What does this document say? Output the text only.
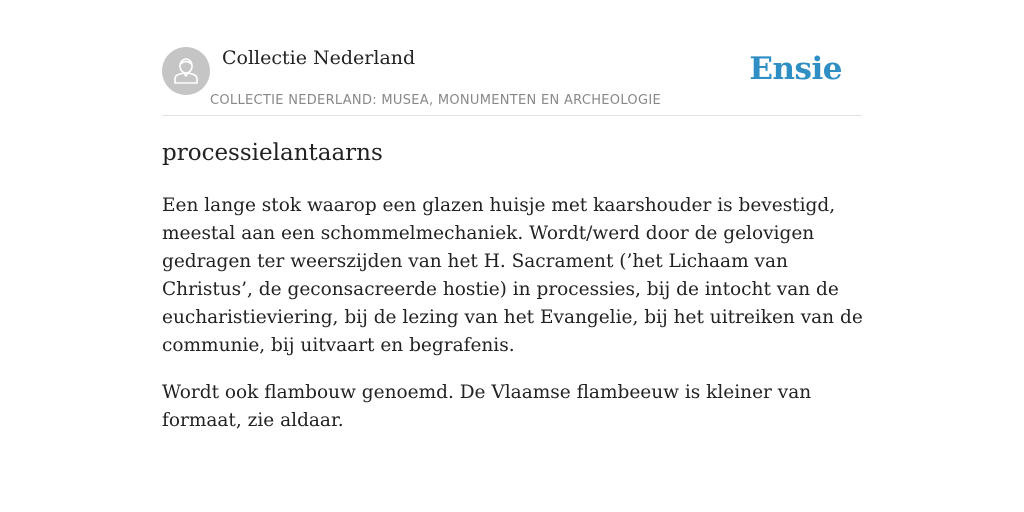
Collectie Nederland
COLLECTIE NEDERLAND: MUSEA, MONUMENTEN EN ARCHEOLOGIE
Ensie
processielantaarns

Een lange stok waarop een glazen huisje met kaarshouder is bevestigd, meestal aan een schommelmechaniek. Wordt/werd door de gelovigen gedragen ter weerszijden van het H. Sacrament (’het Lichaam van Christus’, de geconsacreerde hostie) in processies, bij de intocht van de eucharistieviering, bij de lezing van het Evangelie, bij het uitreiken van de communie, bij uitvaart en begrafenis.

Wordt ook flambouw genoemd. De Vlaamse flambeeuw is kleiner van formaat, zie aldaar.
